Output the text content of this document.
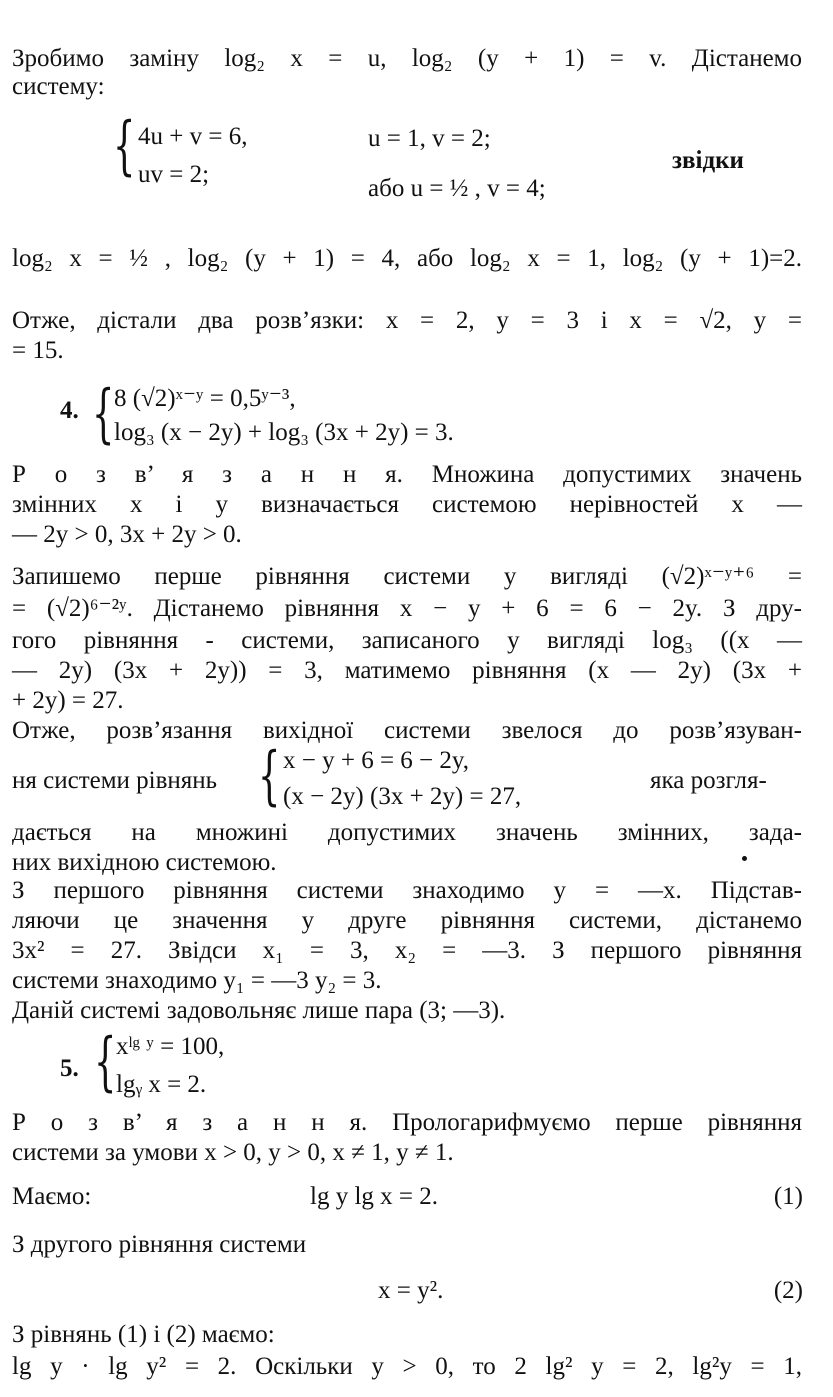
Зробимо заміну log₂ x = u, log₂ (y + 1) = v. Дістанемо
систему:
{ 4u + v = 6,
uv = 2;
u = 1, v = 2;
або u = ½ , v = 4;
звідки
log₂ x = ½ , log₂ (y + 1) = 4, або log₂ x = 1, log₂ (y + 1)=2.
Отже, дістали два розв’язки: x = 2, y = 3 і x = √2, y =
= 15.
4. { 8 (√2)ˣ⁻ʸ = 0,5ʸ⁻³,
log₃ (x − 2y) + log₃ (3x + 2y) = 3.
Р о з в’ я з а н н я. Множина допустимих значень
змінних x і y визначається системою нерівностей x —
— 2y > 0, 3x + 2y > 0.
Запишемо перше рівняння системи у вигляді (√2)ˣ⁻ʸ⁺⁶ =
= (√2)⁶⁻²ʸ. Дістанемо рівняння x − y + 6 = 6 − 2y. З дру-
гого рівняння - системи, записаного у вигляді log₃ ((x —
— 2y) (3x + 2y)) = 3, матимемо рівняння (x — 2y) (3x +
+ 2y) = 27.
Отже, розв’язання вихідної системи звелося до розв’язуван-
ня системи рівнянь { x − y + 6 = 6 − 2y,
(x − 2y) (3x + 2y) = 27,
яка розгля-
дається на множині допустимих значень змінних, зада-
них вихідною системою.
З першого рівняння системи знаходимо y = —x. Підстав-
ляючи це значення у друге рівняння системи, дістанемо
3x² = 27. Звідси x₁ = 3, x₂ = —3. З першого рівняння
системи знаходимо y₁ = —3 y₂ = 3.
Даній системі задовольняє лише пара (3; —3).
5. { xˡᵍ ʸ = 100,
lgᵧ x = 2.
Р о з в’ я з а н н я. Прологарифмуємо перше рівняння
системи за умови x > 0, y > 0, x ≠ 1, y ≠ 1.
Маємо:	lg y lg x = 2.	(1)
З другого рівняння системи
x = y².	(2)
З рівнянь (1) і (2) маємо:
lg y · lg y² = 2. Оскільки y > 0, то 2 lg² y = 2, lg²y = 1,
